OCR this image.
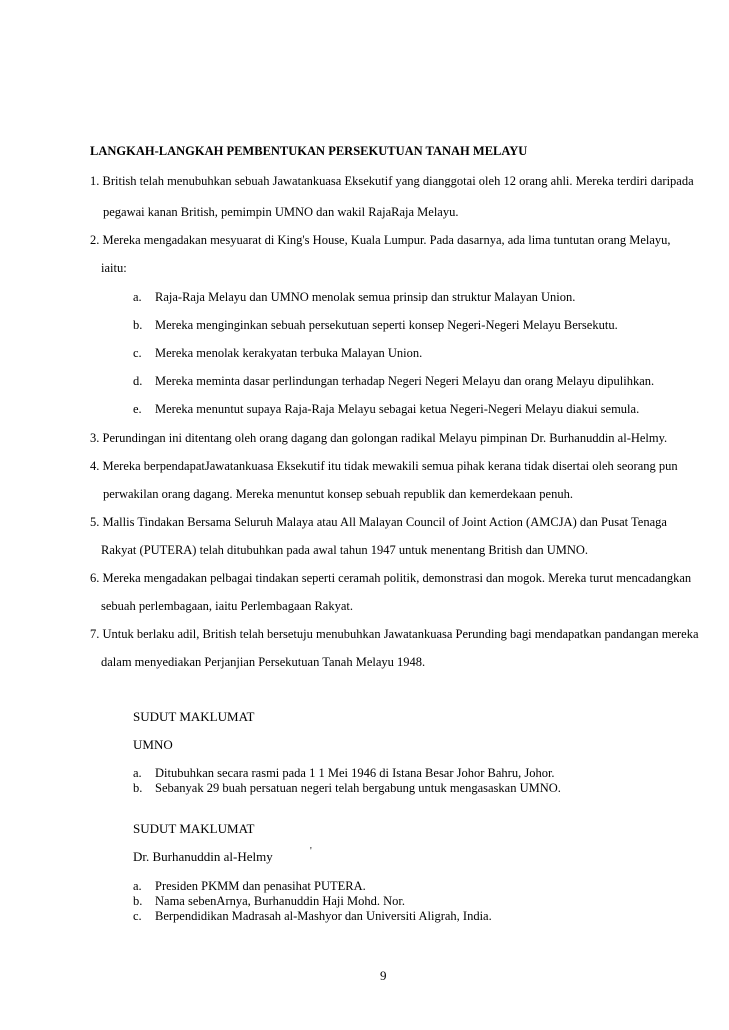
LANGKAH-LANGKAH PEMBENTUKAN PERSEKUTUAN TANAH MELAYU
1. British telah menubuhkan sebuah Jawatankuasa Eksekutif yang dianggotai oleh 12 orang ahli. Mereka terdiri daripada
pegawai kanan British, pemimpin UMNO dan wakil RajaRaja Melayu.
2. Mereka mengadakan mesyuarat di King's House, Kuala Lumpur. Pada dasarnya, ada lima tuntutan orang Melayu,
iaitu:
a. Raja-Raja Melayu dan UMNO menolak semua prinsip dan struktur Malayan Union.
b. Mereka menginginkan sebuah persekutuan seperti konsep Negeri-Negeri Melayu Bersekutu.
c. Mereka menolak kerakyatan terbuka Malayan Union.
d. Mereka meminta dasar perlindungan terhadap Negeri Negeri Melayu dan orang Melayu dipulihkan.
e. Mereka menuntut supaya Raja-Raja Melayu sebagai ketua Negeri-Negeri Melayu diakui semula.
3. Perundingan ini ditentang oleh orang dagang dan golongan radikal Melayu pimpinan Dr. Burhanuddin al-Helmy.
4. Mereka berpendapatJawatankuasa Eksekutif itu tidak mewakili semua pihak kerana tidak disertai oleh seorang pun
perwakilan orang dagang. Mereka menuntut konsep sebuah republik dan kemerdekaan penuh.
5. Mallis Tindakan Bersama Seluruh Malaya atau All Malayan Council of Joint Action (AMCJA) dan Pusat Tenaga
Rakyat (PUTERA) telah ditubuhkan pada awal tahun 1947 untuk menentang British dan UMNO.
6. Mereka mengadakan pelbagai tindakan seperti ceramah politik, demonstrasi dan mogok. Mereka turut mencadangkan
sebuah perlembagaan, iaitu Perlembagaan Rakyat.
7. Untuk berlaku adil, British telah bersetuju menubuhkan Jawatankuasa Perunding bagi mendapatkan pandangan mereka
dalam menyediakan Perjanjian Persekutuan Tanah Melayu 1948.
SUDUT MAKLUMAT
UMNO
a. Ditubuhkan secara rasmi pada 1 1 Mei 1946 di Istana Besar Johor Bahru, Johor.
b. Sebanyak 29 buah persatuan negeri telah bergabung untuk mengasaskan UMNO.
SUDUT MAKLUMAT
Dr. Burhanuddin al-Helmy	'
a. Presiden PKMM dan penasihat PUTERA.
b. Nama sebenArnya, Burhanuddin Haji Mohd. Nor.
c. Berpendidikan Madrasah al-Mashyor dan Universiti Aligrah, India.
9
